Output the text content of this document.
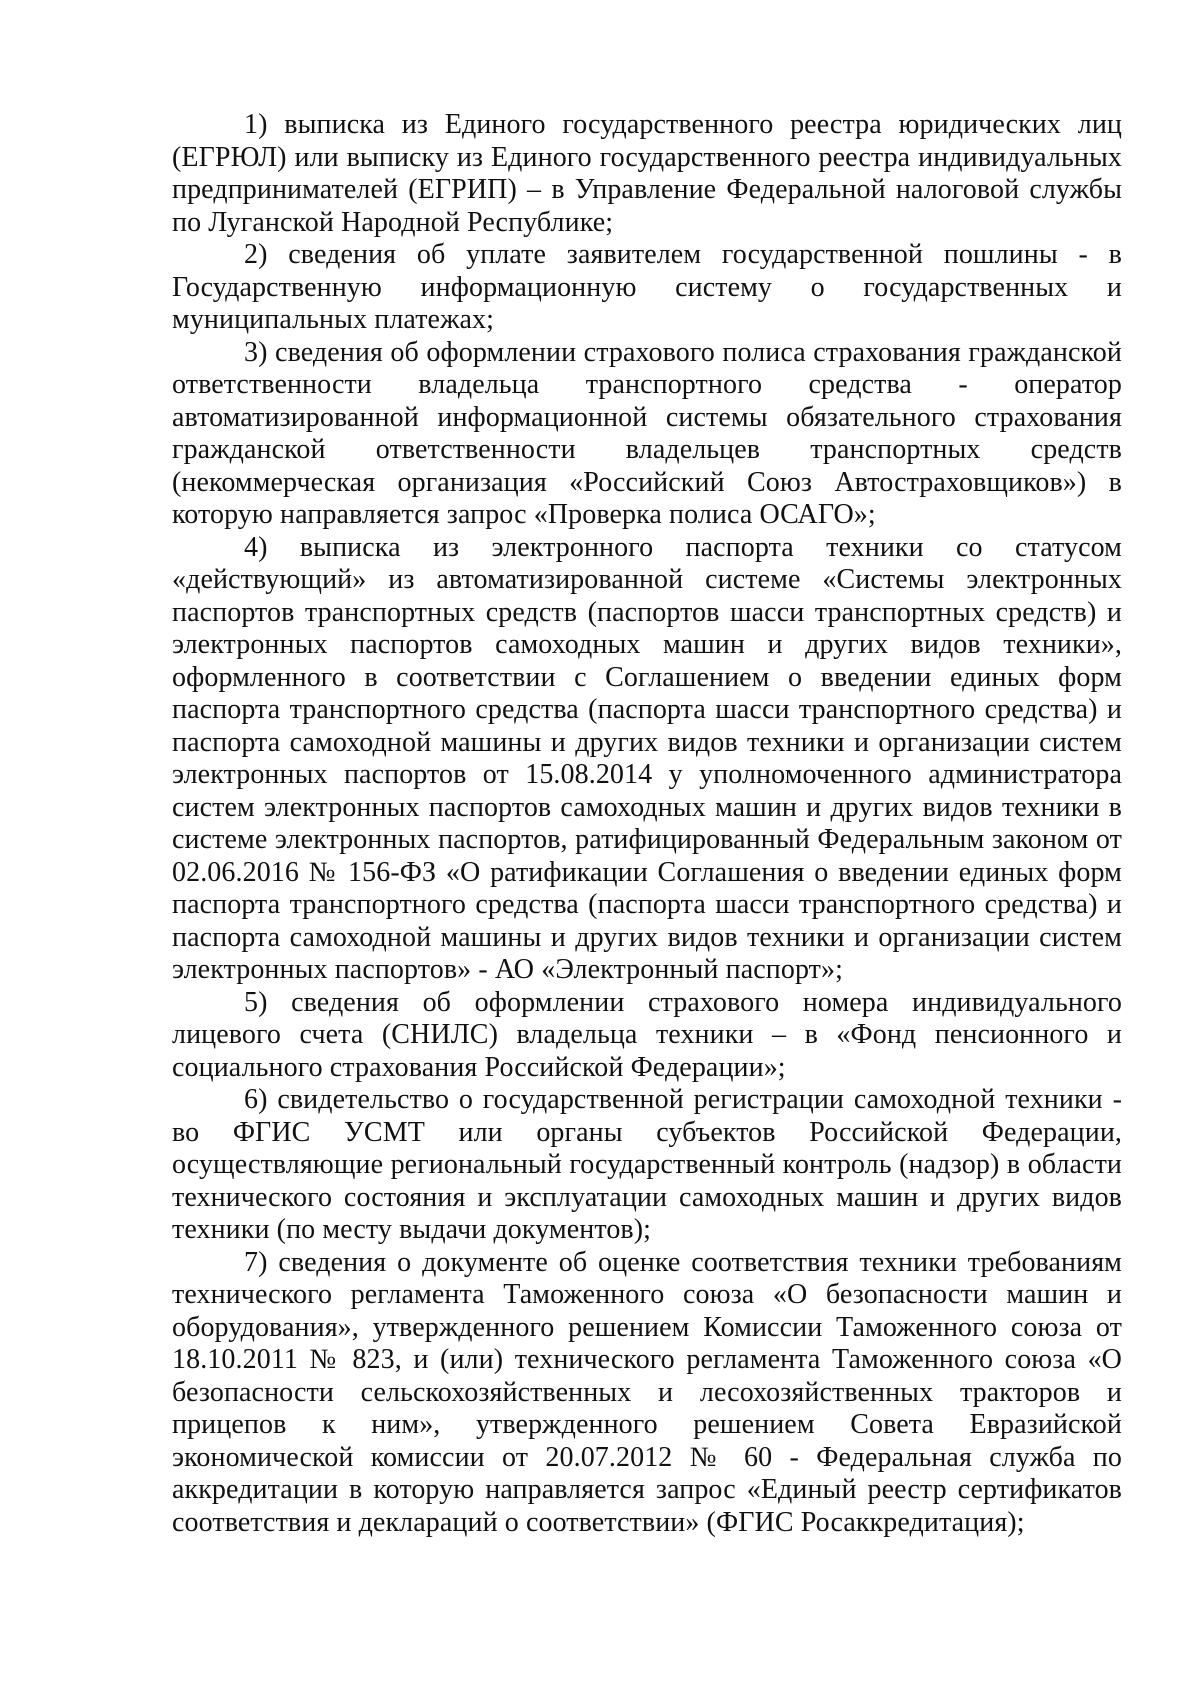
1) выписка из Единого государственного реестра юридических лиц (ЕГРЮЛ) или выписку из Единого государственного реестра индивидуальных предпринимателей (ЕГРИП) – в Управление Федеральной налоговой службы по Луганской Народной Республике;

2) сведения об уплате заявителем государственной пошлины - в Государственную информационную систему о государственных и муниципальных платежах;

3) сведения об оформлении страхового полиса страхования гражданской ответственности владельца транспортного средства - оператор автоматизированной информационной системы обязательного страхования гражданской ответственности владельцев транспортных средств (некоммерческая организация «Российский Союз Автостраховщиков») в которую направляется запрос «Проверка полиса ОСАГО»;

4) выписка из электронного паспорта техники со статусом «действующий» из автоматизированной системе «Системы электронных паспортов транспортных средств (паспортов шасси транспортных средств) и электронных паспортов самоходных машин и других видов техники», оформленного в соответствии с Соглашением о введении единых форм паспорта транспортного средства (паспорта шасси транспортного средства) и паспорта самоходной машины и других видов техники и организации систем электронных паспортов от 15.08.2014 у уполномоченного администратора систем электронных паспортов самоходных машин и других видов техники в системе электронных паспортов, ратифицированный Федеральным законом от 02.06.2016 № 156-ФЗ «О ратификации Соглашения о введении единых форм паспорта транспортного средства (паспорта шасси транспортного средства) и паспорта самоходной машины и других видов техники и организации систем электронных паспортов» - АО «Электронный паспорт»;

5) сведения об оформлении страхового номера индивидуального лицевого счета (СНИЛС) владельца техники – в «Фонд пенсионного и социального страхования Российской Федерации»;

6) свидетельство о государственной регистрации самоходной техники - во ФГИС УСМТ или органы субъектов Российской Федерации, осуществляющие региональный государственный контроль (надзор) в области технического состояния и эксплуатации самоходных машин и других видов техники (по месту выдачи документов);

7) сведения о документе об оценке соответствия техники требованиям технического регламента Таможенного союза «О безопасности машин и оборудования», утвержденного решением Комиссии Таможенного союза от 18.10.2011 № 823, и (или) технического регламента Таможенного союза «О безопасности сельскохозяйственных и лесохозяйственных тракторов и прицепов к ним», утвержденного решением Совета Евразийской экономической комиссии от 20.07.2012 № 60 - Федеральная служба по аккредитации в которую направляется запрос «Единый реестр сертификатов соответствия и деклараций о соответствии» (ФГИС Росаккредитация);
